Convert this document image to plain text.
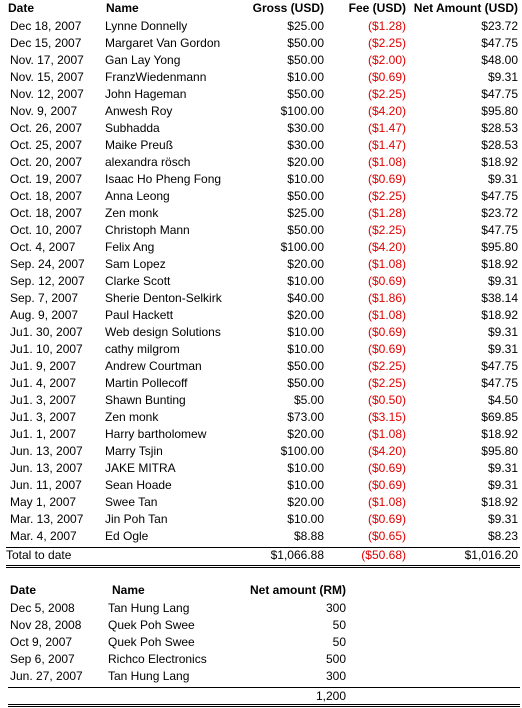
Date	Name	Gross (USD) Fee (USD) Net Amount (USD)
Dec 18, 2007 Lynne Donnelly	$25.00	($1.28)	$23.72
Dec 15, 2007 Margaret Van Gordon	$50.00	($2.25)	$47.75
Nov. 17, 2007 Gan Lay Yong	$50.00	($2.00)	$48.00
Nov. 15, 2007 FranzWiedenmann	$10.00	($0.69)	$9.31
Nov. 12, 2007 John Hageman	$50.00	($2.25)	$47.75
Nov. 9, 2007 Anwesh Roy	$100.00	($4.20)	$95.80
Oct. 26, 2007 Subhadda	$30.00	($1.47)	$28.53
Oct. 25, 2007 Maike Preuß	$30.00	($1.47)	$28.53
Oct. 20, 2007 alexandra rösch	$20.00	($1.08)	$18.92
Oct. 19, 2007 Isaac Ho Pheng Fong	$10.00	($0.69)	$9.31
Oct. 18, 2007 Anna Leong	$50.00	($2.25)	$47.75
Oct. 18, 2007 Zen monk	$25.00	($1.28)	$23.72
Oct. 10, 2007 Christoph Mann	$50.00	($2.25)	$47.75
Oct. 4, 2007 Felix Ang	$100.00	($4.20)	$95.80
Sep. 24, 2007 Sam Lopez	$20.00	($1.08)	$18.92
Sep. 12, 2007 Clarke Scott	$10.00	($0.69)	$9.31
Sep. 7, 2007 Sherie Denton-Selkirk	$40.00	($1.86)	$38.14
Aug. 9, 2007 Paul Hackett	$20.00	($1.08)	$18.92
Ju1. 30, 2007 Web design Solutions	$10.00	($0.69)	$9.31
Ju1. 10, 2007 cathy milgrom	$10.00	($0.69)	$9.31
Ju1. 9, 2007 Andrew Courtman	$50.00	($2.25)	$47.75
Ju1. 4, 2007 Martin Pollecoff	$50.00	($2.25)	$47.75
Ju1. 3, 2007 Shawn Bunting	$5.00	($0.50)	$4.50
Ju1. 3, 2007 Zen monk	$73.00	($3.15)	$69.85
Ju1. 1, 2007 Harry bartholomew	$20.00	($1.08)	$18.92
Jun. 13, 2007 Marry Tsjin	$100.00	($4.20)	$95.80
Jun. 13, 2007 JAKE MITRA	$10.00	($0.69)	$9.31
Jun. 11, 2007 Sean Hoade	$10.00	($0.69)	$9.31
May 1, 2007 Swee Tan	$20.00	($1.08)	$18.92
Mar. 13, 2007 Jin Poh Tan	$10.00	($0.69)	$9.31
Mar. 4, 2007 Ed Ogle	$8.88	($0.65)	$8.23
Total to date	$1,066.88	($50.68)	$1,016.20
Date	Name	Net amount (RM)
Dec 5, 2008	Tan Hung Lang	300
Nov 28, 2008 Quek Poh Swee	50
Oct 9, 2007	Quek Poh Swee	50
Sep 6, 2007	Richco Electronics	500
Jun. 27, 2007 Tan Hung Lang	300
1,200
